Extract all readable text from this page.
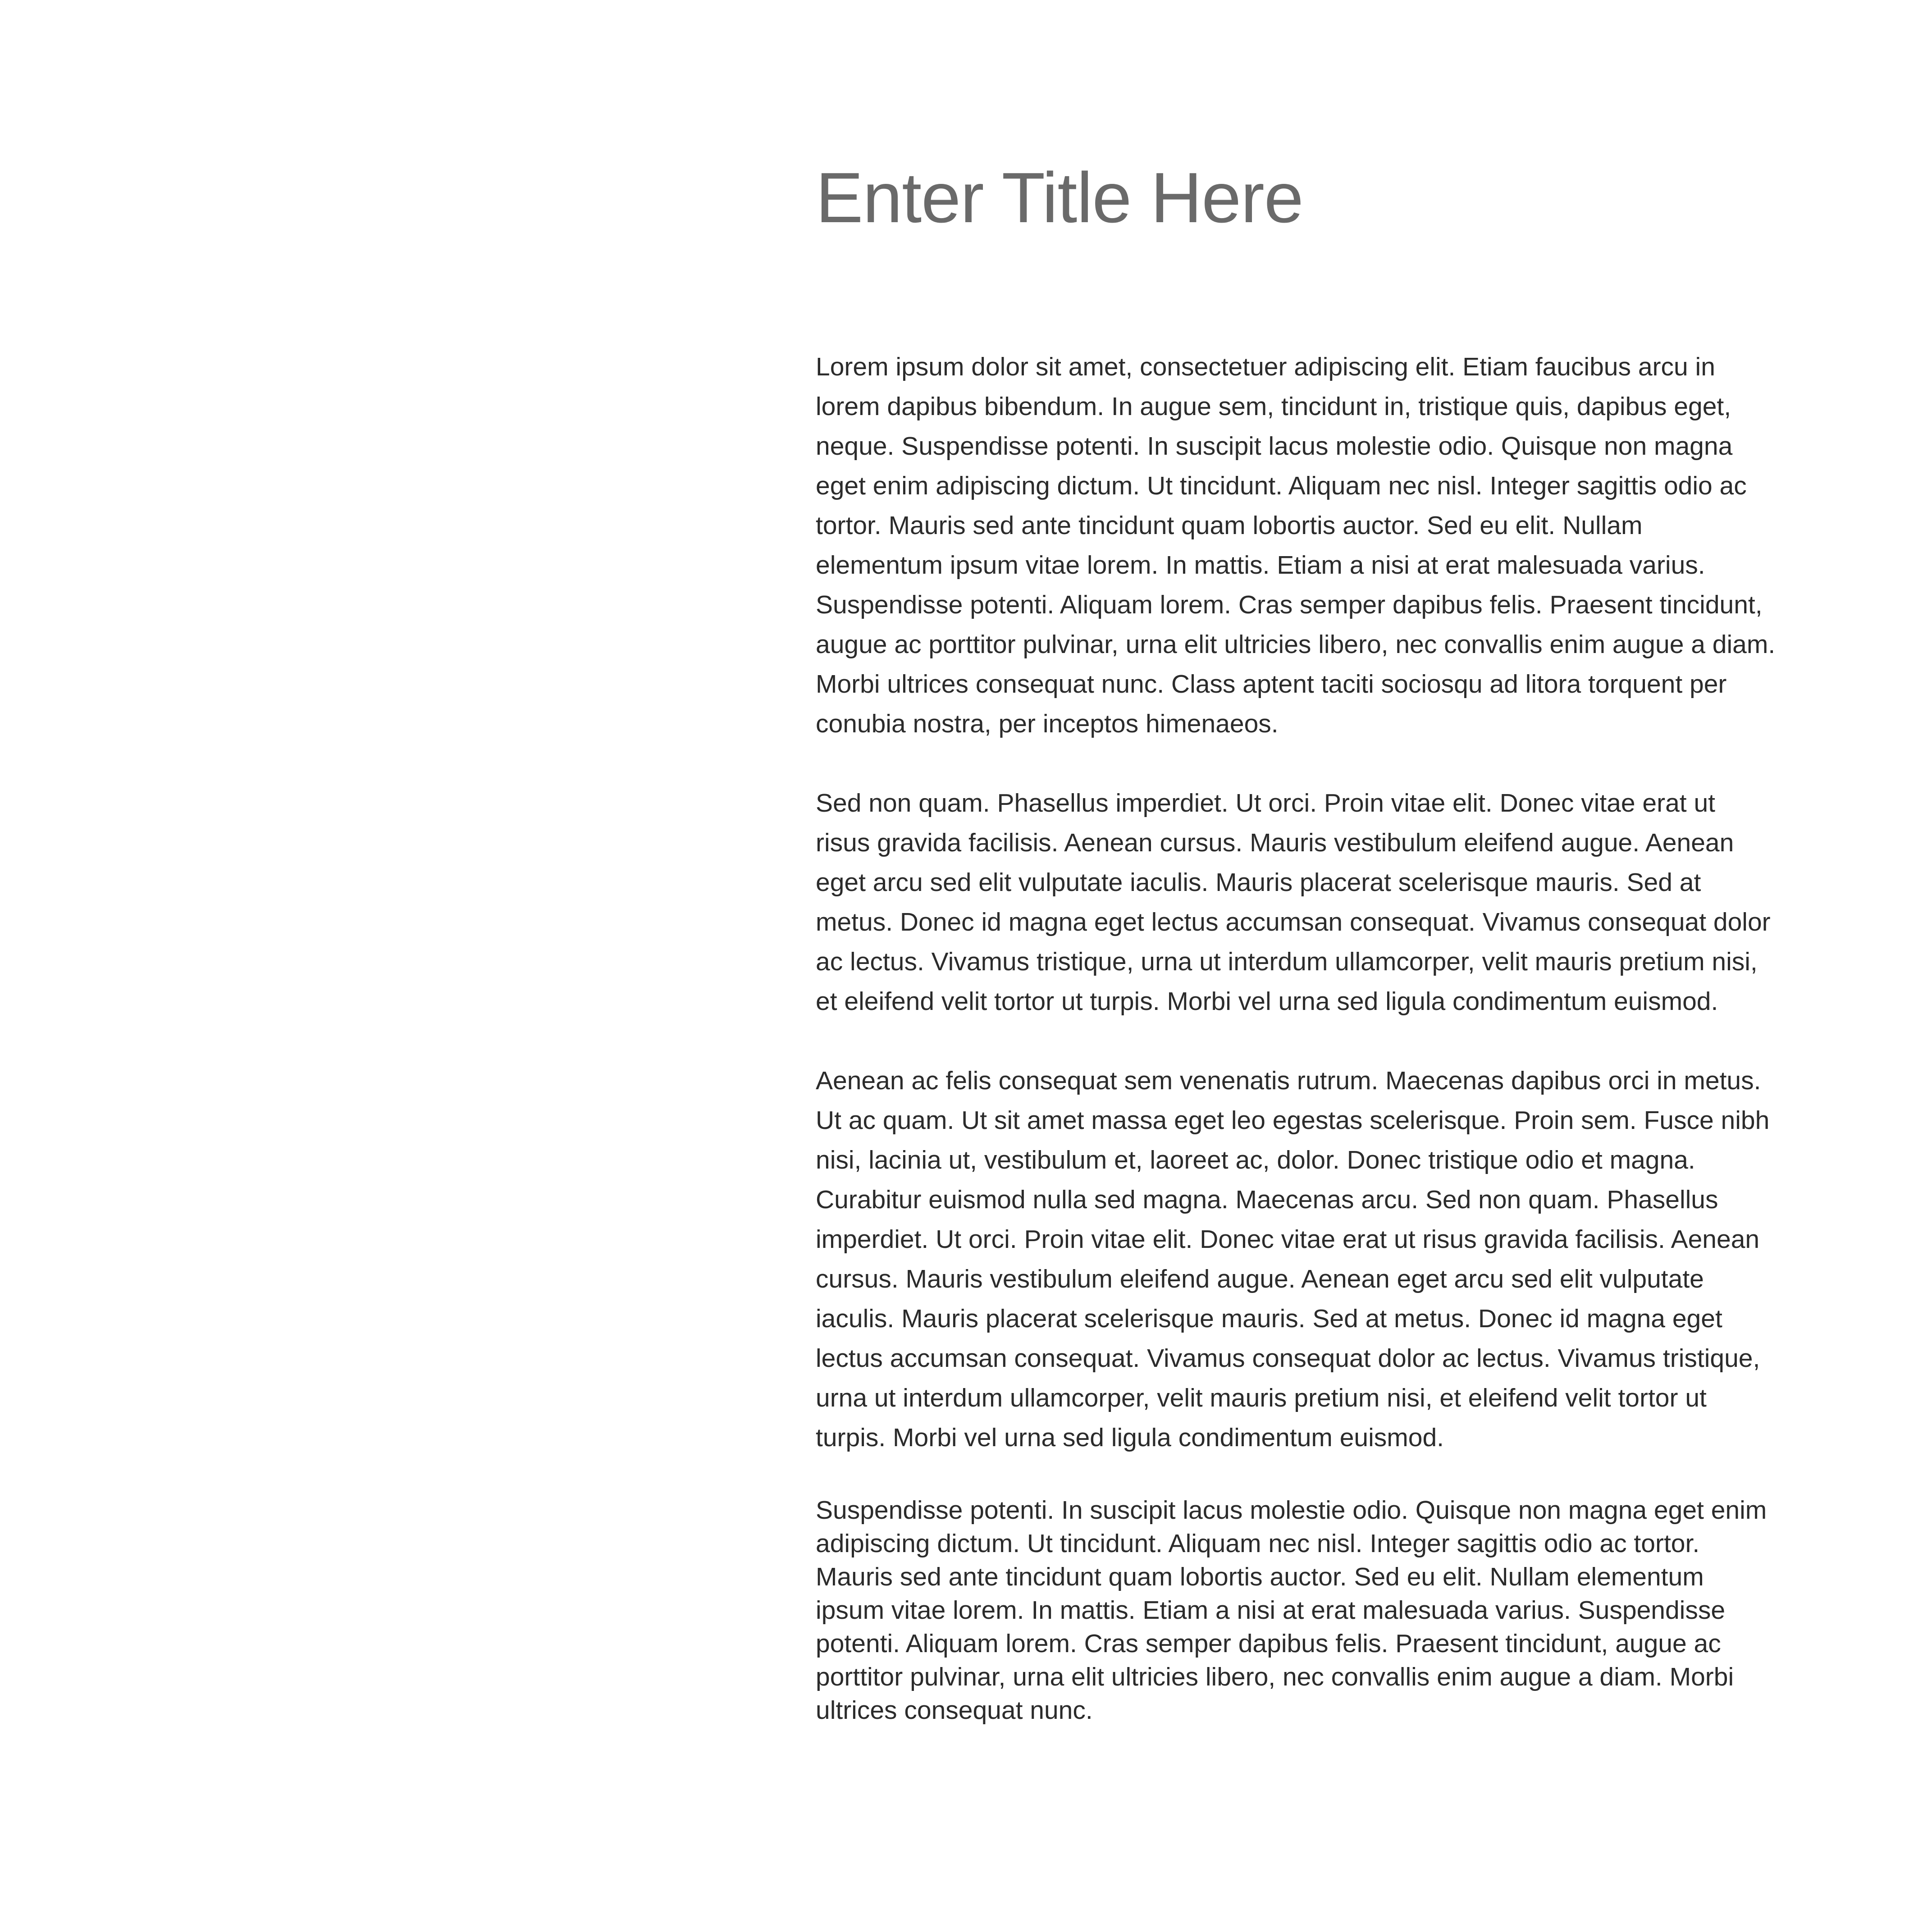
Enter Title Here

Lorem ipsum dolor sit amet, consectetuer adipiscing elit. Etiam faucibus arcu in lorem dapibus bibendum. In augue sem, tincidunt in, tristique quis, dapibus eget, neque. Suspendisse potenti. In suscipit lacus molestie odio. Quisque non magna eget enim adipiscing dictum. Ut tincidunt. Aliquam nec nisl. Integer sagittis odio ac tortor. Mauris sed ante tincidunt quam lobortis auctor. Sed eu elit. Nullam elementum ipsum vitae lorem. In mattis. Etiam a nisi at erat malesuada varius. Suspendisse potenti. Aliquam lorem. Cras semper dapibus felis. Praesent tincidunt, augue ac porttitor pulvinar, urna elit ultricies libero, nec convallis enim augue a diam. Morbi ultrices consequat nunc. Class aptent taciti sociosqu ad litora torquent per conubia nostra, per inceptos himenaeos.

Sed non quam. Phasellus imperdiet. Ut orci. Proin vitae elit. Donec vitae erat ut risus gravida facilisis. Aenean cursus. Mauris vestibulum eleifend augue. Aenean eget arcu sed elit vulputate iaculis. Mauris placerat scelerisque mauris. Sed at metus. Donec id magna eget lectus accumsan consequat. Vivamus consequat dolor ac lectus. Vivamus tristique, urna ut interdum ullamcorper, velit mauris pretium nisi, et eleifend velit tortor ut turpis. Morbi vel urna sed ligula condimentum euismod.

Aenean ac felis consequat sem venenatis rutrum. Maecenas dapibus orci in metus. Ut ac quam. Ut sit amet massa eget leo egestas scelerisque. Proin sem. Fusce nibh nisi, lacinia ut, vestibulum et, laoreet ac, dolor. Donec tristique odio et magna. Curabitur euismod nulla sed magna. Maecenas arcu. Sed non quam. Phasellus imperdiet. Ut orci. Proin vitae elit. Donec vitae erat ut risus gravida facilisis. Aenean cursus. Mauris vestibulum eleifend augue. Aenean eget arcu sed elit vulputate iaculis. Mauris placerat scelerisque mauris. Sed at metus. Donec id magna eget lectus accumsan consequat. Vivamus consequat dolor ac lectus. Vivamus tristique, urna ut interdum ullamcorper, velit mauris pretium nisi, et eleifend velit tortor ut turpis. Morbi vel urna sed ligula condimentum euismod.

Suspendisse potenti. In suscipit lacus molestie odio. Quisque non magna eget enim adipiscing dictum. Ut tincidunt. Aliquam nec nisl. Integer sagittis odio ac tortor. Mauris sed ante tincidunt quam lobortis auctor. Sed eu elit. Nullam elementum ipsum vitae lorem. In mattis. Etiam a nisi at erat malesuada varius. Suspendisse potenti. Aliquam lorem. Cras semper dapibus felis. Praesent tincidunt, augue ac porttitor pulvinar, urna elit ultricies libero, nec convallis enim augue a diam. Morbi ultrices consequat nunc.
